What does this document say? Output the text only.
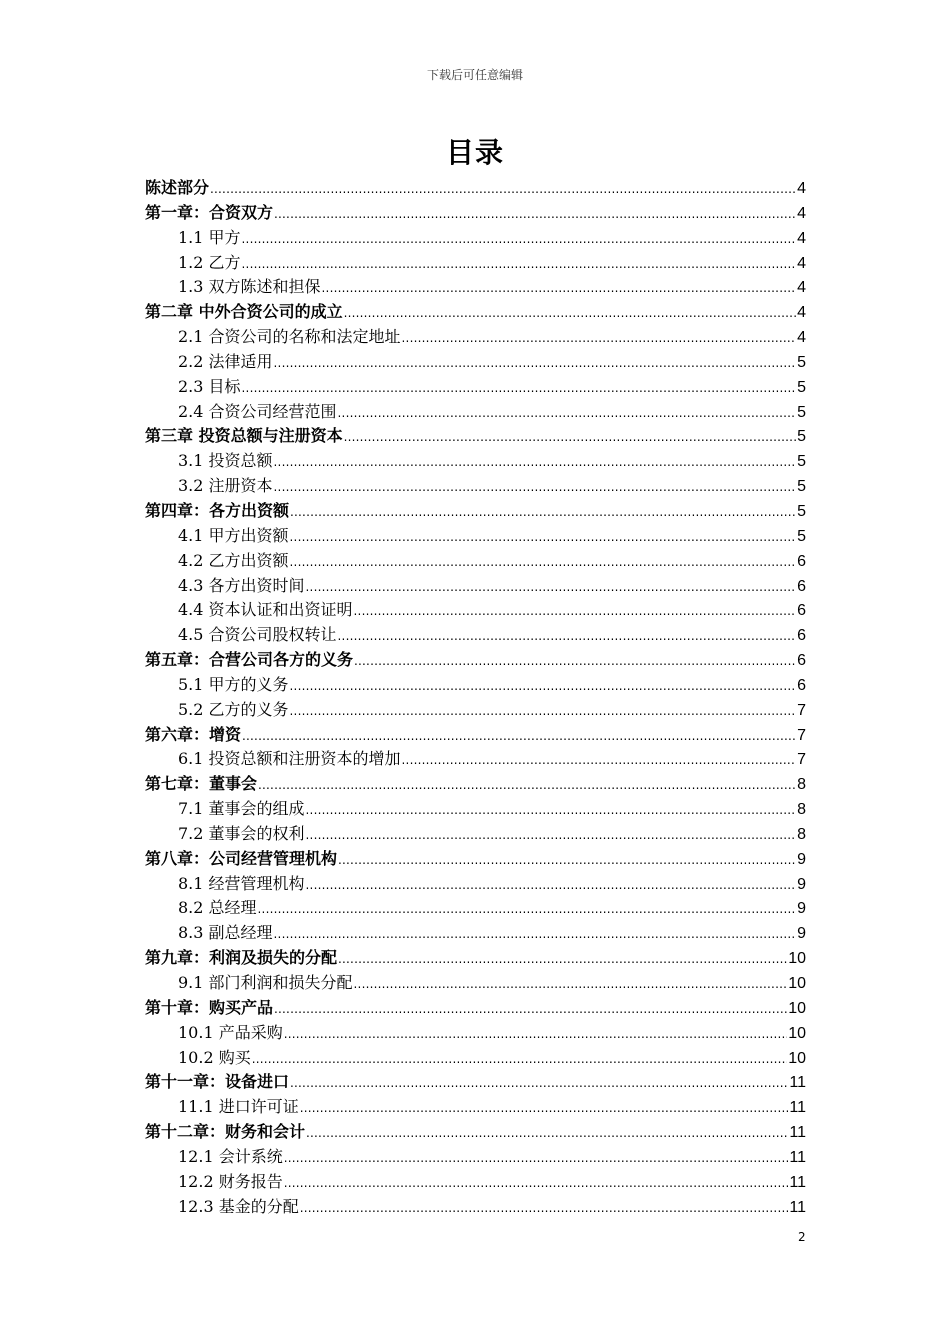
下载后可任意编辑
目录
陈述部分 .....	4
第一章：合资双方 .....	4
1.1 甲方 .....	4
1.2 乙方 .....	4
1.3 双方陈述和担保 .....	4
第二章 中外合资公司的成立 .....	4
2.1 合资公司的名称和法定地址 .....	4
2.2 法律适用 .....	5
2.3 目标 .....	5
2.4 合资公司经营范围 .....	5
第三章 投资总额与注册资本 .....	5
3.1 投资总额 .....	5
3.2 注册资本 .....	5
第四章：各方出资额 .....	5
4.1 甲方出资额 .....	5
4.2 乙方出资额 .....	6
4.3 各方出资时间 .....	6
4.4 资本认证和出资证明 .....	6
4.5 合资公司股权转让 .....	6
第五章：合营公司各方的义务 .....	6
5.1 甲方的义务 .....	6
5.2 乙方的义务 .....	7
第六章：增资 .....	7
6.1 投资总额和注册资本的增加 .....	7
第七章：董事会 .....	8
7.1 董事会的组成 .....	8
7.2 董事会的权利 .....	8
第八章：公司经营管理机构 .....	9
8.1 经营管理机构 .....	9
8.2 总经理 .....	9
8.3 副总经理 .....	9
第九章：利润及损失的分配 .....	10
9.1 部门利润和损失分配 .....	10
第十章：购买产品 .....	10
10.1 产品采购 .....	10
10.2 购买 .....	10
第十一章：设备进口 .....	11
11.1 进口许可证 .....	11
第十二章：财务和会计 .....	11
12.1 会计系统 .....	11
12.2 财务报告 .....	11
12.3 基金的分配 .....	11
2
